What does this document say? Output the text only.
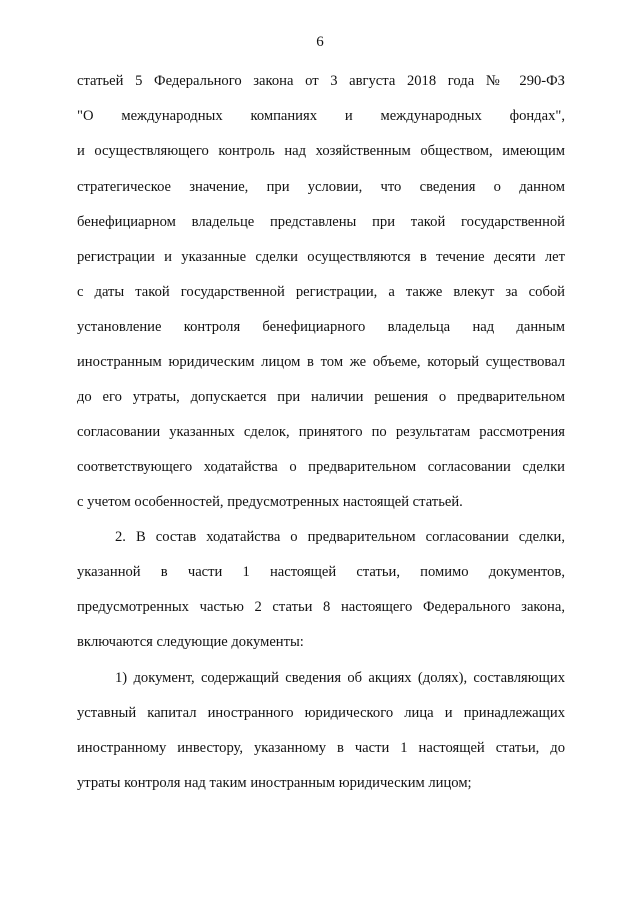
6
статьей 5 Федерального закона от 3 августа 2018 года № 290-ФЗ
"О международных компаниях и международных фондах",
и осуществляющего контроль над хозяйственным обществом, имеющим
стратегическое значение, при условии, что сведения о данном
бенефициарном владельце представлены при такой государственной
регистрации и указанные сделки осуществляются в течение десяти лет
с даты такой государственной регистрации, а также влекут за собой
установление контроля бенефициарного владельца над данным
иностранным юридическим лицом в том же объеме, который существовал
до его утраты, допускается при наличии решения о предварительном
согласовании указанных сделок, принятого по результатам рассмотрения
соответствующего ходатайства о предварительном согласовании сделки
с учетом особенностей, предусмотренных настоящей статьей.
2. В состав ходатайства о предварительном согласовании сделки,
указанной в части 1 настоящей статьи, помимо документов,
предусмотренных частью 2 статьи 8 настоящего Федерального закона,
включаются следующие документы:
1) документ, содержащий сведения об акциях (долях), составляющих
уставный капитал иностранного юридического лица и принадлежащих
иностранному инвестору, указанному в части 1 настоящей статьи, до
утраты контроля над таким иностранным юридическим лицом;
